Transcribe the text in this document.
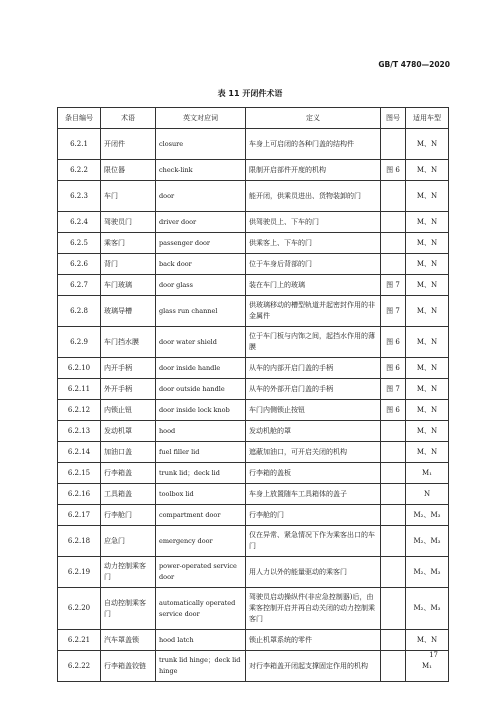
GB/T 4780—2020
表 11 开闭件术语
条目编号	术语	英文对应词	定义	图号	适用车型
6.2.1	开闭件	closure	车身上可启闭的各种门盖的结构件		M、N
6.2.2	限位器	check-link	限制开启部件开度的机构	图 6	M、N
6.2.3	车门	door	能开闭，供乘员进出、货物装卸的门		M、N
6.2.4	驾驶员门	driver door	供驾驶员上、下车的门		M、N
6.2.5	乘客门	passenger door	供乘客上、下车的门		M、N
6.2.6	背门	back door	位于车身后背部的门		M、N
6.2.7	车门玻璃	door glass	装在车门上的玻璃	图 7	M、N
6.2.8	玻璃导槽	glass run channel	供玻璃移动的槽型轨道并起密封作用的非金属件	图 7	M、N
6.2.9	车门挡水膜	door water shield	位于车门板与内饰之间，起挡水作用的薄膜	图 6	M、N
6.2.10	内开手柄	door inside handle	从车的内部开启门盖的手柄	图 6	M、N
6.2.11	外开手柄	door outside handle	从车的外部开启门盖的手柄	图 7	M、N
6.2.12	内锁止钮	door inside lock knob	车门内侧锁止按钮	图 6	M、N
6.2.13	发动机罩	hood	发动机舱的罩		M、N
6.2.14	加油口盖	fuel filler lid	遮蔽加油口，可开启关闭的机构		M、N
6.2.15	行李箱盖	trunk lid；deck lid	行李箱的盖板		M₁
6.2.16	工具箱盖	toolbox lid	车身上放置随车工具箱体的盖子		N
6.2.17	行李舱门	compartment door	行李舱的门		M₂、M₃
6.2.18	应急门	emergency door	仅在异常、紧急情况下作为乘客出口的车门		M₂、M₃
6.2.19	动力控制乘客门	power-operated service door	用人力以外的能量驱动的乘客门		M₂、M₃
6.2.20	自动控制乘客门	automatically operated service door	驾驶员启动操纵件(非应急控制器)后，由乘客控制开启并再自动关闭的动力控制乘客门		M₂、M₃
6.2.21	汽车罩盖锁	hood latch	锁止机罩系统的零件		M、N
6.2.22	行李箱盖铰链	trunk lid hinge；deck lid hinge	对行李箱盖开闭起支撑固定作用的机构		M₁
17
